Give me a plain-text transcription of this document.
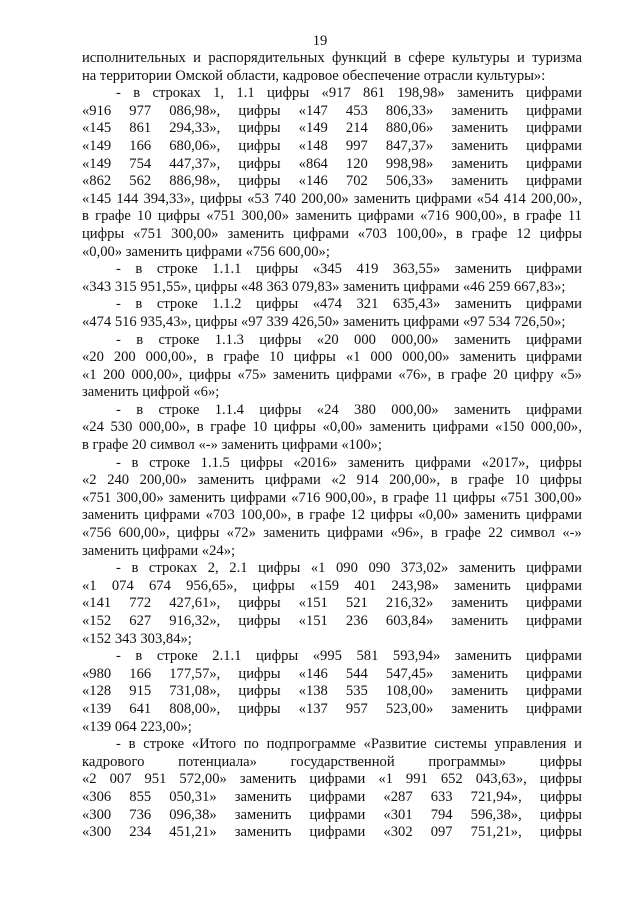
19
исполнительных и распорядительных функций в сфере культуры и туризма
на территории Омской области, кадровое обеспечение отрасли культуры»:
- в строках 1, 1.1 цифры «917 861 198,98» заменить цифрами
«916 977 086,98», цифры «147 453 806,33» заменить цифрами
«145 861 294,33», цифры «149 214 880,06» заменить цифрами
«149 166 680,06», цифры «148 997 847,37» заменить цифрами
«149 754 447,37», цифры «864 120 998,98» заменить цифрами
«862 562 886,98», цифры «146 702 506,33» заменить цифрами
«145 144 394,33», цифры «53 740 200,00» заменить цифрами «54 414 200,00»,
в графе 10 цифры «751 300,00» заменить цифрами «716 900,00», в графе 11
цифры «751 300,00» заменить цифрами «703 100,00», в графе 12 цифры
«0,00» заменить цифрами «756 600,00»;
- в строке 1.1.1 цифры «345 419 363,55» заменить цифрами
«343 315 951,55», цифры «48 363 079,83» заменить цифрами «46 259 667,83»;
- в строке 1.1.2 цифры «474 321 635,43» заменить цифрами
«474 516 935,43», цифры «97 339 426,50» заменить цифрами «97 534 726,50»;
- в строке 1.1.3 цифры «20 000 000,00» заменить цифрами
«20 200 000,00», в графе 10 цифры «1 000 000,00» заменить цифрами
«1 200 000,00», цифры «75» заменить цифрами «76», в графе 20 цифру «5»
заменить цифрой «6»;
- в строке 1.1.4 цифры «24 380 000,00» заменить цифрами
«24 530 000,00», в графе 10 цифры «0,00» заменить цифрами «150 000,00»,
в графе 20 символ «-» заменить цифрами «100»;
- в строке 1.1.5 цифры «2016» заменить цифрами «2017», цифры
«2 240 200,00» заменить цифрами «2 914 200,00», в графе 10 цифры
«751 300,00» заменить цифрами «716 900,00», в графе 11 цифры «751 300,00»
заменить цифрами «703 100,00», в графе 12 цифры «0,00» заменить цифрами
«756 600,00», цифры «72» заменить цифрами «96», в графе 22 символ «-»
заменить цифрами «24»;
- в строках 2, 2.1 цифры «1 090 090 373,02» заменить цифрами
«1 074 674 956,65», цифры «159 401 243,98» заменить цифрами
«141 772 427,61», цифры «151 521 216,32» заменить цифрами
«152 627 916,32», цифры «151 236 603,84» заменить цифрами
«152 343 303,84»;
- в строке 2.1.1 цифры «995 581 593,94» заменить цифрами
«980 166 177,57», цифры «146 544 547,45» заменить цифрами
«128 915 731,08», цифры «138 535 108,00» заменить цифрами
«139 641 808,00», цифры «137 957 523,00» заменить цифрами
«139 064 223,00»;
- в строке «Итого по подпрограмме «Развитие системы управления и
кадрового потенциала» государственной программы» цифры
«2 007 951 572,00» заменить цифрами «1 991 652 043,63», цифры
«306 855 050,31» заменить цифрами «287 633 721,94», цифры
«300 736 096,38» заменить цифрами «301 794 596,38», цифры
«300 234 451,21» заменить цифрами «302 097 751,21», цифры
